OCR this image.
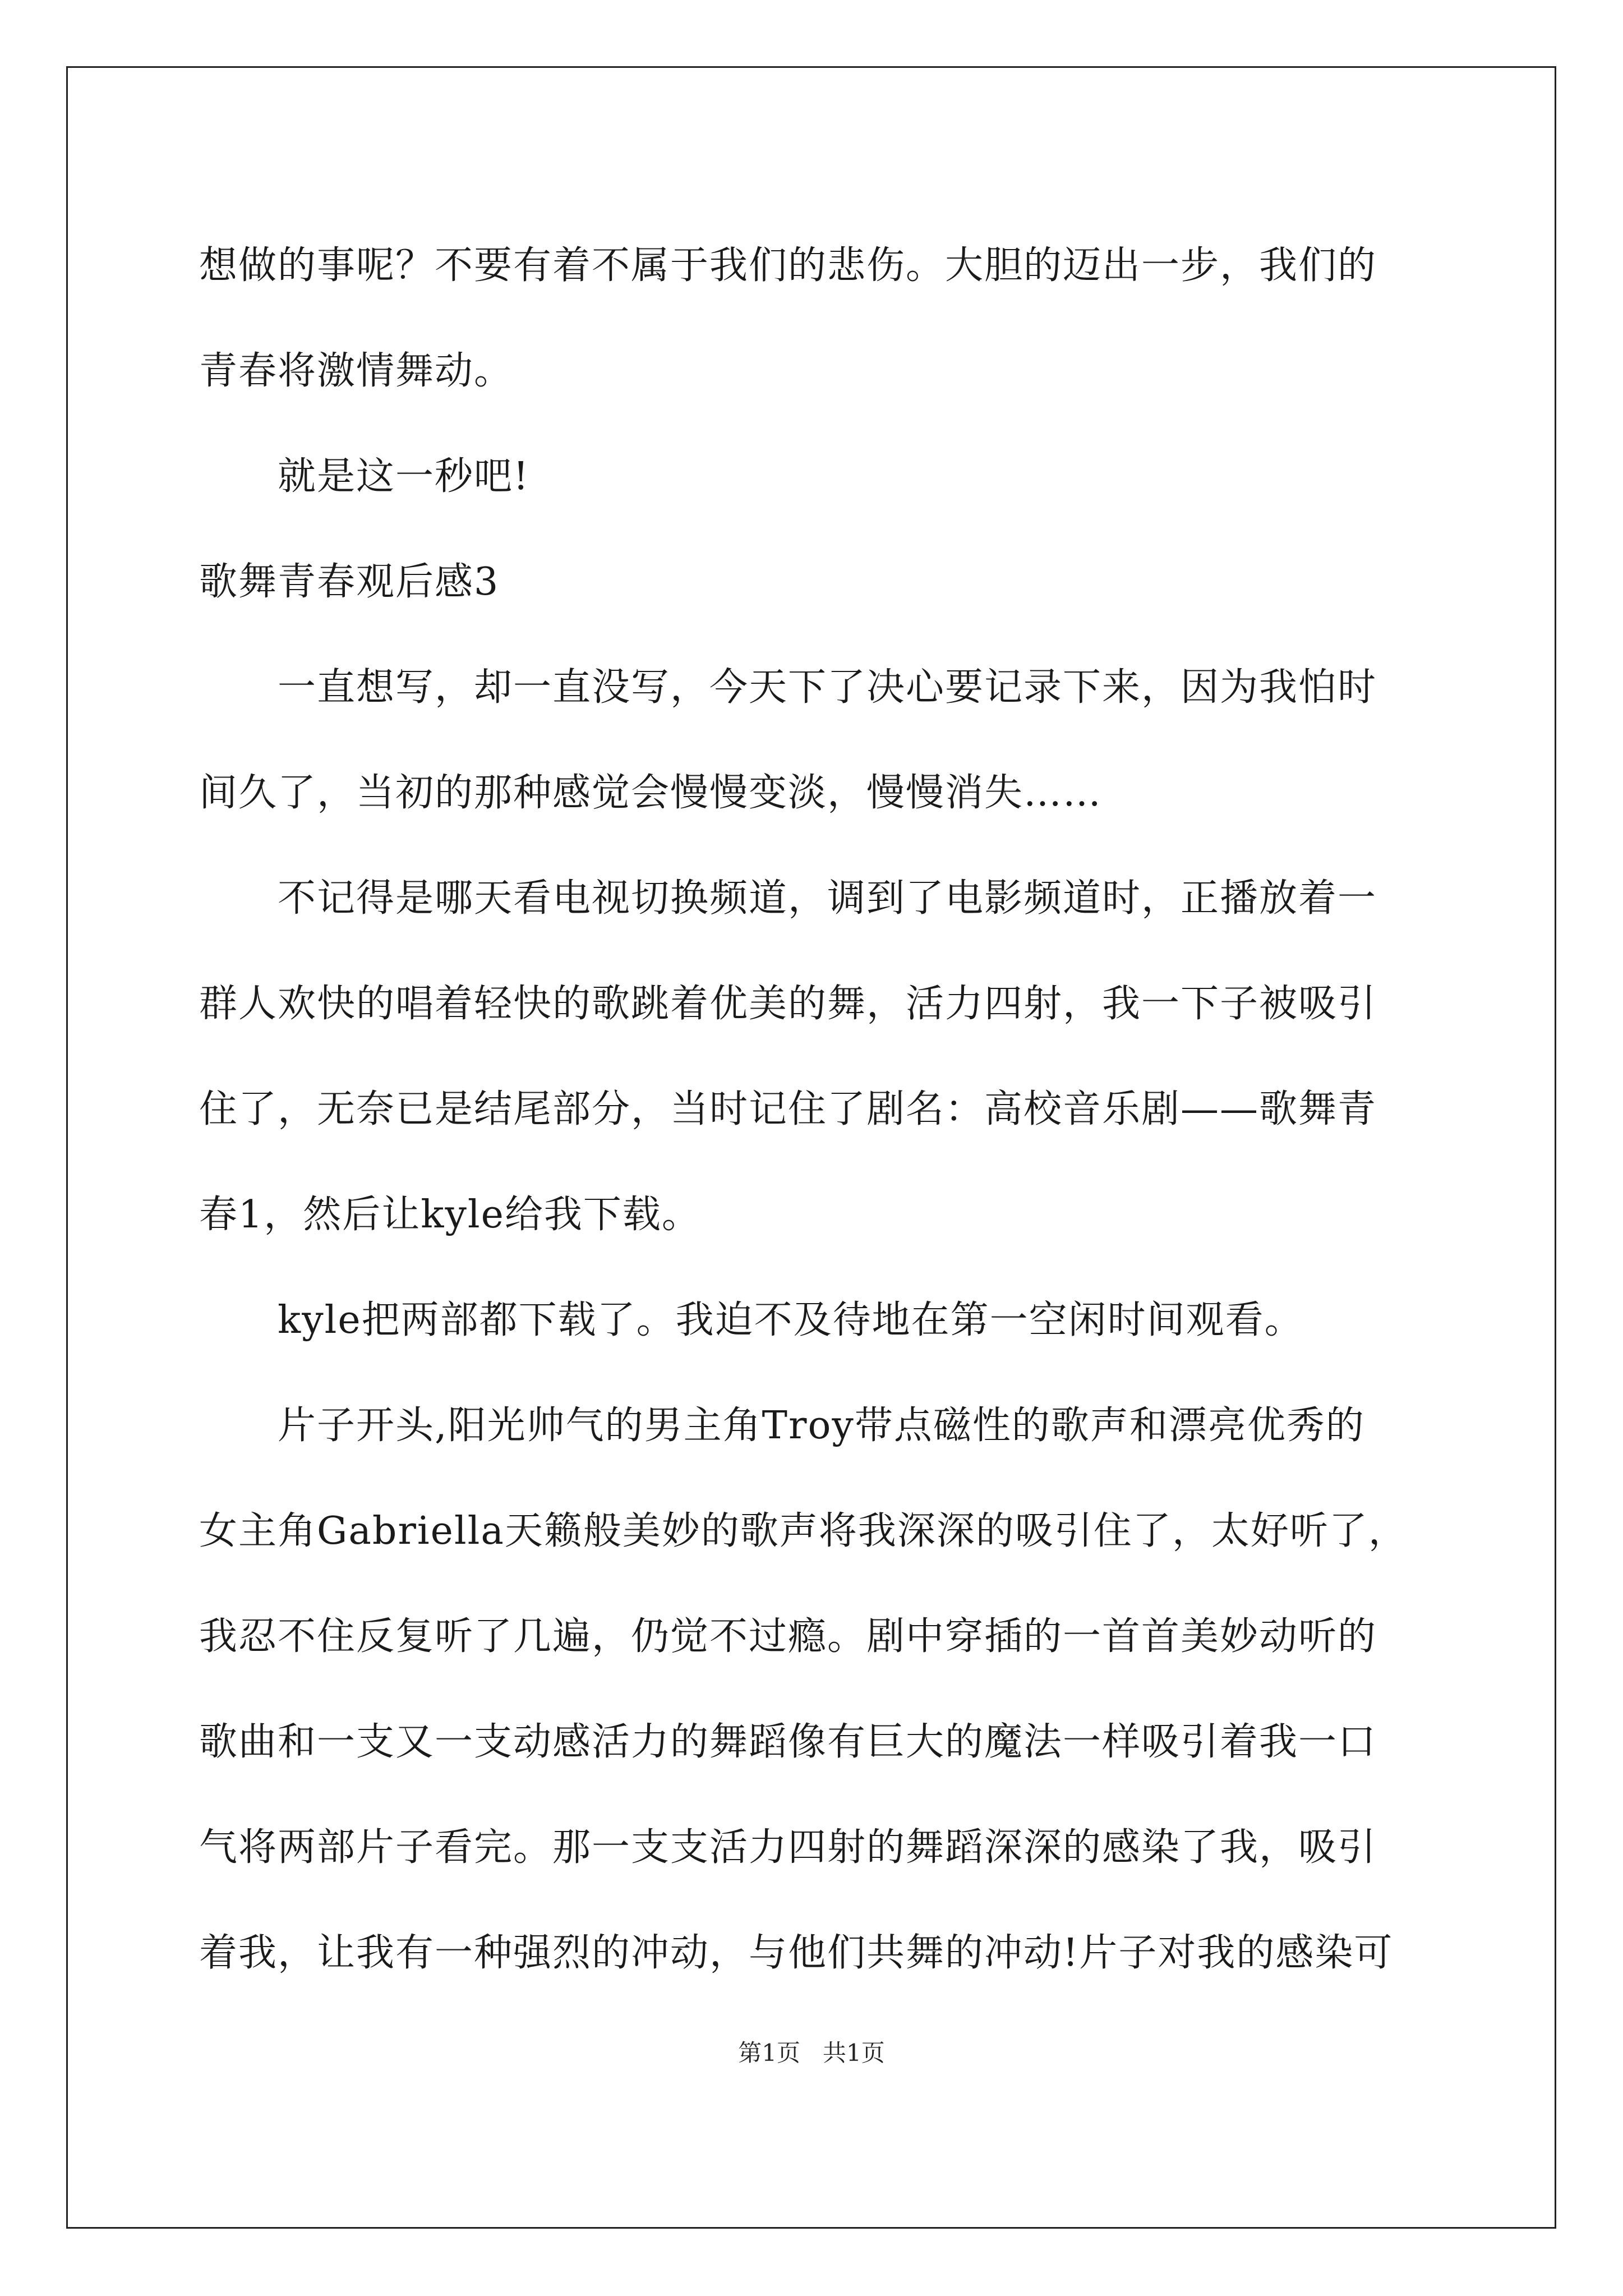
想做的事呢？不要有着不属于我们的悲伤。大胆的迈出一步，我们的
青春将激情舞动。
就是这一秒吧!
歌舞青春观后感3
一直想写，却一直没写，今天下了决心要记录下来，因为我怕时
间久了，当初的那种感觉会慢慢变淡，慢慢消失……
不记得是哪天看电视切换频道，调到了电影频道时，正播放着一
群人欢快的唱着轻快的歌跳着优美的舞，活力四射，我一下子被吸引
住了，无奈已是结尾部分，当时记住了剧名：高校音乐剧——歌舞青
春1，然后让kyle给我下载。
kyle把两部都下载了。我迫不及待地在第一空闲时间观看。
片子开头,阳光帅气的男主角Troy带点磁性的歌声和漂亮优秀的
女主角Gabriella天籁般美妙的歌声将我深深的吸引住了，太好听了，
我忍不住反复听了几遍，仍觉不过瘾。剧中穿插的一首首美妙动听的
歌曲和一支又一支动感活力的舞蹈像有巨大的魔法一样吸引着我一口
气将两部片子看完。那一支支活力四射的舞蹈深深的感染了我，吸引
着我，让我有一种强烈的冲动，与他们共舞的冲动!片子对我的感染可
第1页 共1页
